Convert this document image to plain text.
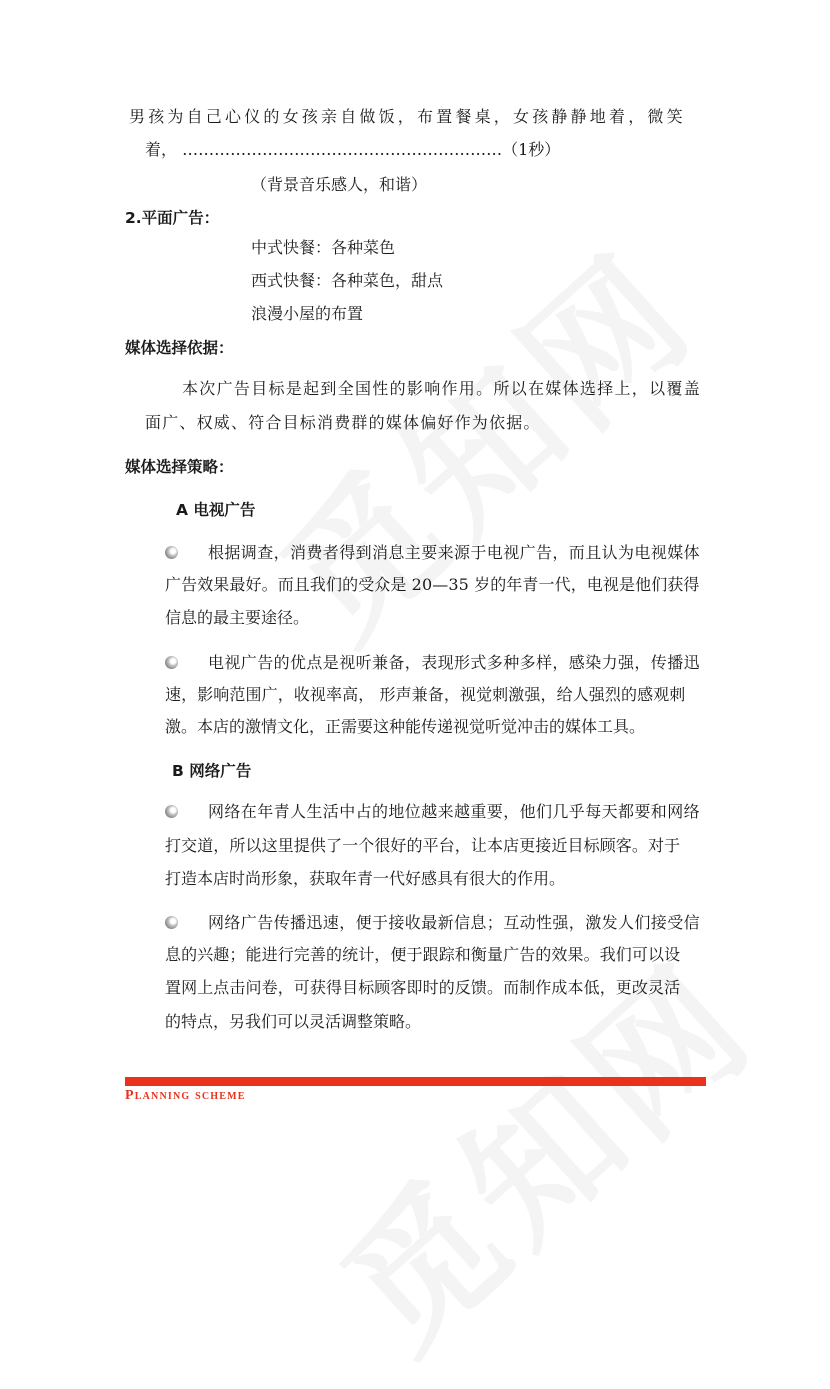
男孩为自己心仪的女孩亲自做饭，布置餐桌，女孩静静地着，微笑
着， ……………………………………………………（1秒）
（背景音乐感人，和谐）
2.平面广告：
中式快餐：各种菜色
西式快餐：各种菜色，甜点
浪漫小屋的布置
媒体选择依据：
本次广告目标是起到全国性的影响作用。所以在媒体选择上，以覆盖
面广、权威、符合目标消费群的媒体偏好作为依据。
媒体选择策略：
A 电视广告
根据调查，消费者得到消息主要来源于电视广告，而且认为电视媒体
广告效果最好。而且我们的受众是 20—35 岁的年青一代，电视是他们获得
信息的最主要途径。
电视广告的优点是视听兼备，表现形式多种多样，感染力强，传播迅
速，影响范围广，收视率高， 形声兼备，视觉刺激强，给人强烈的感观刺
激。本店的激情文化，正需要这种能传递视觉听觉冲击的媒体工具。
B 网络广告
网络在年青人生活中占的地位越来越重要，他们几乎每天都要和网络
打交道，所以这里提供了一个很好的平台，让本店更接近目标顾客。对于
打造本店时尚形象，获取年青一代好感具有很大的作用。
网络广告传播迅速，便于接收最新信息；互动性强，激发人们接受信
息的兴趣；能进行完善的统计，便于跟踪和衡量广告的效果。我们可以设
置网上点击问卷，可获得目标顾客即时的反馈。而制作成本低，更改灵活
的特点，另我们可以灵活调整策略。
Planning scheme
